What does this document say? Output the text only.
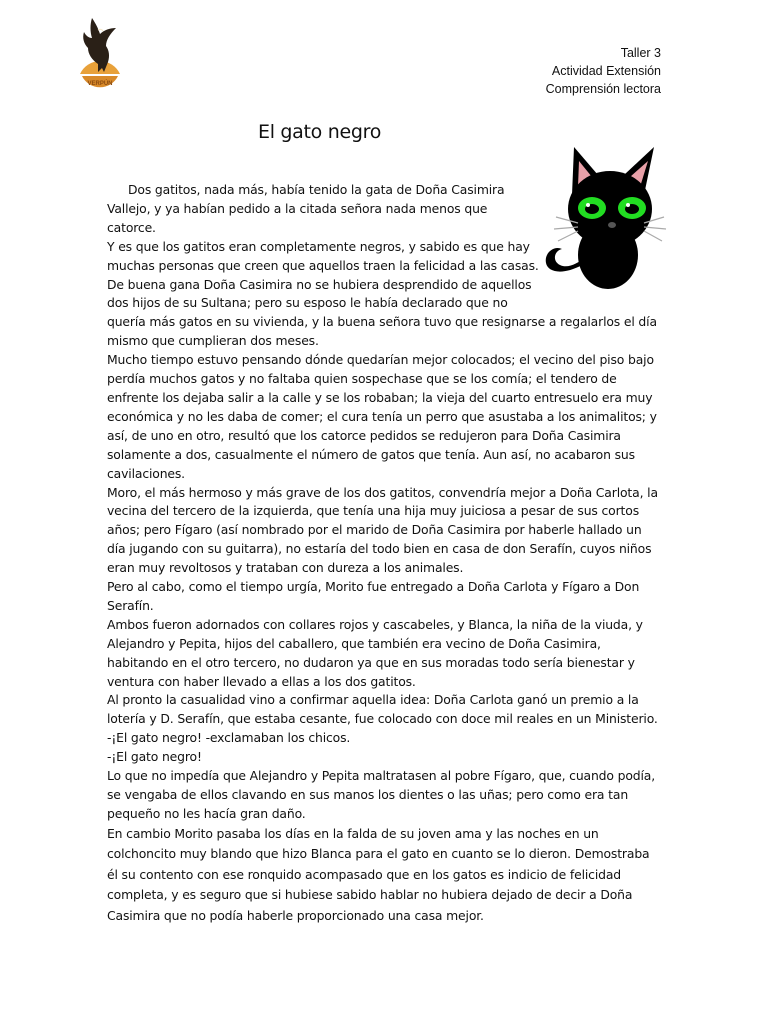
VERPÚN
Taller 3
Actividad Extensión
Comprensión lectora
El gato negro

Dos gatitos, nada más, había tenido la gata de Doña Casimira

Vallejo, y ya habían pedido a la citada señora nada menos que catorce.

Y es que los gatitos eran completamente negros, y sabido es que hay

muchas personas que creen que aquellos traen la felicidad a las casas.

De buena gana Doña Casimira no se hubiera desprendido de aquellos

dos hijos de su Sultana; pero su esposo le había declarado que no

quería más gatos en su vivienda, y la buena señora tuvo que resignarse a regalarlos el día mismo que cumplieran dos meses.

Mucho tiempo estuvo pensando dónde quedarían mejor colocados; el vecino del piso bajo perdía muchos gatos y no faltaba quien sospechase que se los comía; el tendero de enfrente los dejaba salir a la calle y se los robaban; la vieja del cuarto entresuelo era muy económica y no les daba de comer; el cura tenía un perro que asustaba a los animalitos; y así, de uno en otro, resultó que los catorce pedidos se redujeron para Doña Casimira solamente a dos, casualmente el número de gatos que tenía. Aun así, no acabaron sus cavilaciones.

Moro, el más hermoso y más grave de los dos gatitos, convendría mejor a Doña Carlota, la vecina del tercero de la izquierda, que tenía una hija muy juiciosa a pesar de sus cortos años; pero Fígaro (así nombrado por el marido de Doña Casimira por haberle hallado un día jugando con su guitarra), no estaría del todo bien en casa de don Serafín, cuyos niños eran muy revoltosos y trataban con dureza a los animales.

Pero al cabo, como el tiempo urgía, Morito fue entregado a Doña Carlota y Fígaro a Don Serafín.

Ambos fueron adornados con collares rojos y cascabeles, y Blanca, la niña de la viuda, y Alejandro y Pepita, hijos del caballero, que también era vecino de Doña Casimira, habitando en el otro tercero, no dudaron ya que en sus moradas todo sería bienestar y ventura con haber llevado a ellas a los dos gatitos.

Al pronto la casualidad vino a confirmar aquella idea: Doña Carlota ganó un premio a la lotería y D. Serafín, que estaba cesante, fue colocado con doce mil reales en un Ministerio.

-¡El gato negro! -exclamaban los chicos.

-¡El gato negro!

Lo que no impedía que Alejandro y Pepita maltratasen al pobre Fígaro, que, cuando podía, se vengaba de ellos clavando en sus manos los dientes o las uñas; pero como era tan pequeño no les hacía gran daño.

En cambio Morito pasaba los días en la falda de su joven ama y las noches en un colchoncito muy blando que hizo Blanca para el gato en cuanto se lo dieron. Demostraba él su contento con ese ronquido acompasado que en los gatos es indicio de felicidad completa, y es seguro que si hubiese sabido hablar no hubiera dejado de decir a Doña Casimira que no podía haberle proporcionado una casa mejor.
